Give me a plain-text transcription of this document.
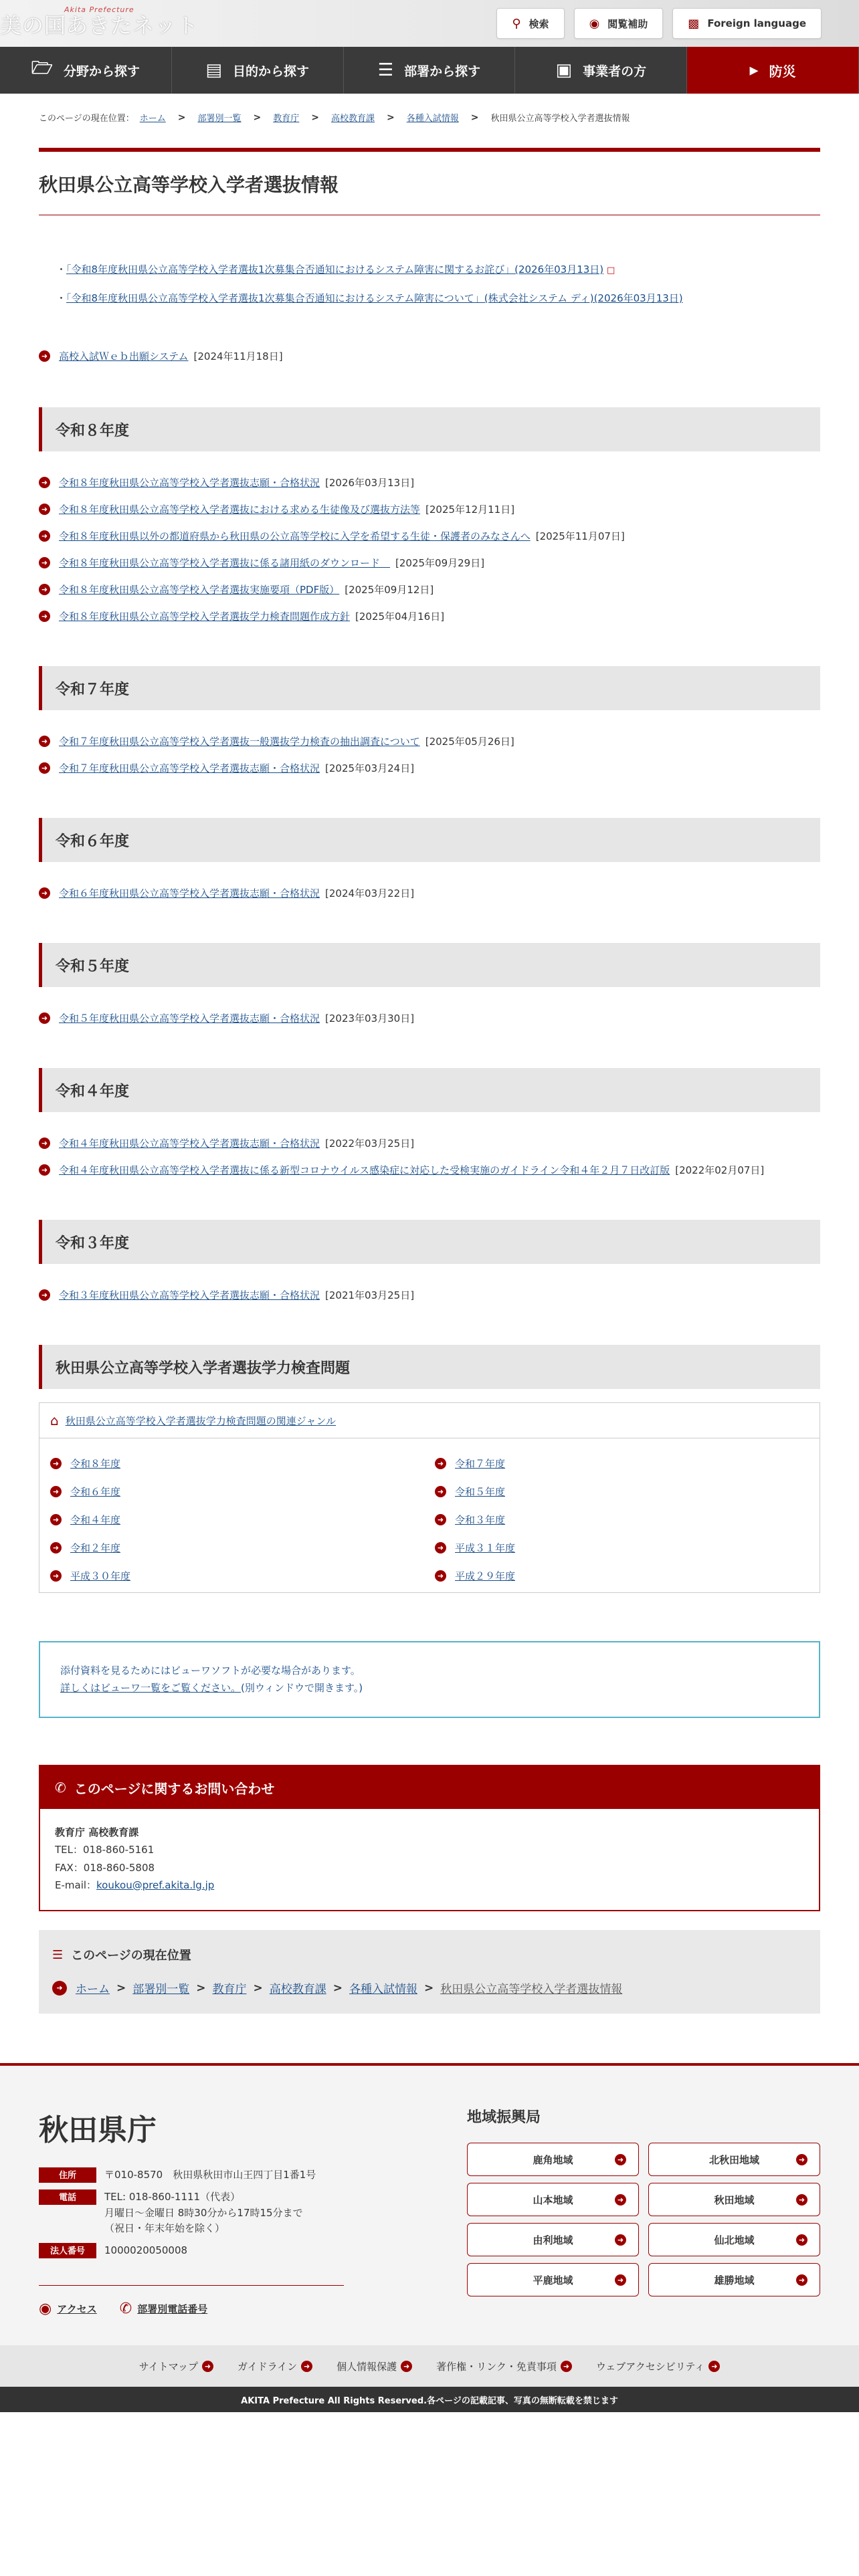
美の国あきたネット
Akita Prefecture
⚲ 検索	◉ 閲覧補助	▩ Foreign language
🗁 分野から探す	▤ 目的から探す	☰ 部署から探す	▣ 事業者の方	▸ 防災
このページの現在位置： ホーム > 部署別一覧 > 教育庁 > 高校教育課 > 各種入試情報 > 秋田県公立高等学校入学者選抜情報
秋田県公立高等学校入学者選抜情報
・ 「令和8年度秋田県公立高等学校入学者選抜1次募集合否通知におけるシステム障害に関するお詫び」(2026年03月13日) □
・ 「令和8年度秋田県公立高等学校入学者選抜1次募集合否通知におけるシステム障害について」(株式会社システム ディ)(2026年03月13日)
➜ 高校入試Ｗｅｂ出願システム [2024年11月18日]
令和８年度
➜ 令和８年度秋田県公立高等学校入学者選抜志願・合格状況 [2026年03月13日]
➜ 令和８年度秋田県公立高等学校入学者選抜における求める生徒像及び選抜方法等 [2025年12月11日]
➜ 令和８年度秋田県以外の都道府県から秋田県の公立高等学校に入学を希望する生徒・保護者のみなさんへ [2025年11月07日]
➜ 令和８年度秋田県公立高等学校入学者選抜に係る諸用紙のダウンロード　 [2025年09月29日]
➜ 令和８年度秋田県公立高等学校入学者選抜実施要項（PDF版） [2025年09月12日]
➜ 令和８年度秋田県公立高等学校入学者選抜学力検査問題作成方針 [2025年04月16日]
令和７年度
➜ 令和７年度秋田県公立高等学校入学者選抜一般選抜学力検査の抽出調査について [2025年05月26日]
➜ 令和７年度秋田県公立高等学校入学者選抜志願・合格状況 [2025年03月24日]
令和６年度
➜ 令和６年度秋田県公立高等学校入学者選抜志願・合格状況 [2024年03月22日]
令和５年度
➜ 令和５年度秋田県公立高等学校入学者選抜志願・合格状況 [2023年03月30日]
令和４年度
➜ 令和４年度秋田県公立高等学校入学者選抜志願・合格状況 [2022年03月25日]
➜ 令和４年度秋田県公立高等学校入学者選抜に係る新型コロナウイルス感染症に対応した受検実施のガイドライン令和４年２月７日改訂版 [2022年02月07日]
令和３年度
➜ 令和３年度秋田県公立高等学校入学者選抜志願・合格状況 [2021年03月25日]
秋田県公立高等学校入学者選抜学力検査問題
⌂ 秋田県公立高等学校入学者選抜学力検査問題の関連ジャンル
➜ 令和８年度	➜ 令和７年度
➜ 令和６年度	➜ 令和５年度
➜ 令和４年度	➜ 令和３年度
➜ 令和２年度	➜ 平成３１年度
➜ 平成３０年度	➜ 平成２９年度
添付資料を見るためにはビューワソフトが必要な場合があります。
詳しくはビューワ一覧をご覧ください。(別ウィンドウで開きます。)
✆ このページに関するお問い合わせ
教育庁 高校教育課
TEL：018-860-5161
FAX：018-860-5808
E-mail：koukou@pref.akita.lg.jp
☰ このページの現在位置
➜	ホーム > 部署別一覧 > 教育庁 > 高校教育課 > 各種入試情報 > 秋田県公立高等学校入学者選抜情報
秋田県庁
住所	〒010-8570　秋田県秋田市山王四丁目1番1号
電話	TEL: 018-860-1111（代表）
月曜日～金曜日 8時30分から17時15分まで
（祝日・年末年始を除く）
法人番号	1000020050008
◉ アクセス ✆ 部署別電話番号
地域振興局
鹿角地域	➜	北秋田地域	➜
山本地域	➜	秋田地域	➜
由利地域	➜	仙北地域	➜
平鹿地域	➜	雄勝地域	➜
サイトマップ ➜	ガイドライン ➜	個人情報保護 ➜	著作権・リンク・免責事項 ➜	ウェブアクセシビリティ ➜
AKITA Prefecture All Rights Reserved.各ページの記載記事、写真の無断転載を禁じます
